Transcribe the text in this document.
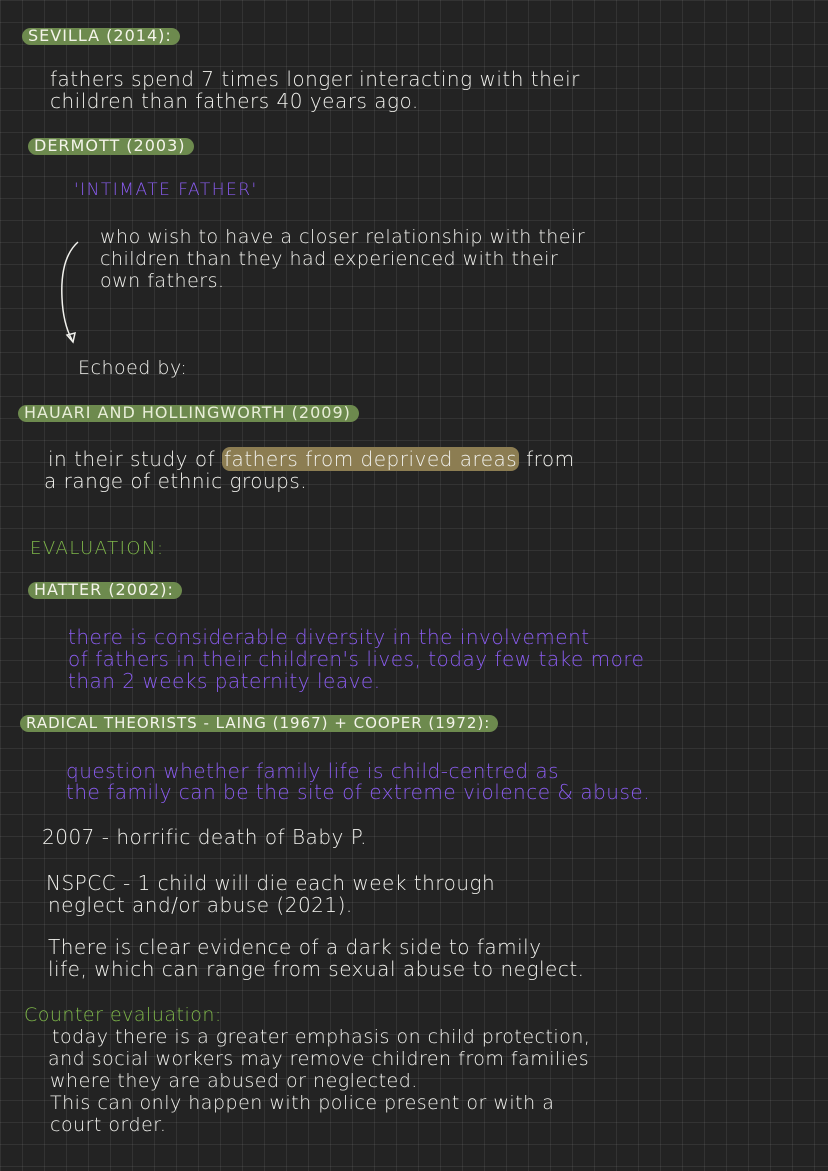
SEVILLA (2014):
fathers spend 7 times longer interacting with their
children than fathers 40 years ago.
DERMOTT (2003)
'INTIMATE FATHER'
who wish to have a closer relationship with their
children than they had experienced with their
own fathers.
Echoed by:
HAUARI AND HOLLINGWORTH (2009)
in their study of fathers from deprived areas from
a range of ethnic groups.
EVALUATION:
HATTER (2002):
there is considerable diversity in the involvement
of fathers in their children's lives, today few take more
than 2 weeks paternity leave.
RADICAL THEORISTS - LAING (1967) + COOPER (1972):
question whether family life is child-centred as
the family can be the site of extreme violence & abuse.
2007 - horrific death of Baby P.
NSPCC - 1 child will die each week through
neglect and/or abuse (2021).
There is clear evidence of a dark side to family
life, which can range from sexual abuse to neglect.
Counter evaluation:
today there is a greater emphasis on child protection,
and social workers may remove children from families
where they are abused or neglected.
This can only happen with police present or with a
court order.
